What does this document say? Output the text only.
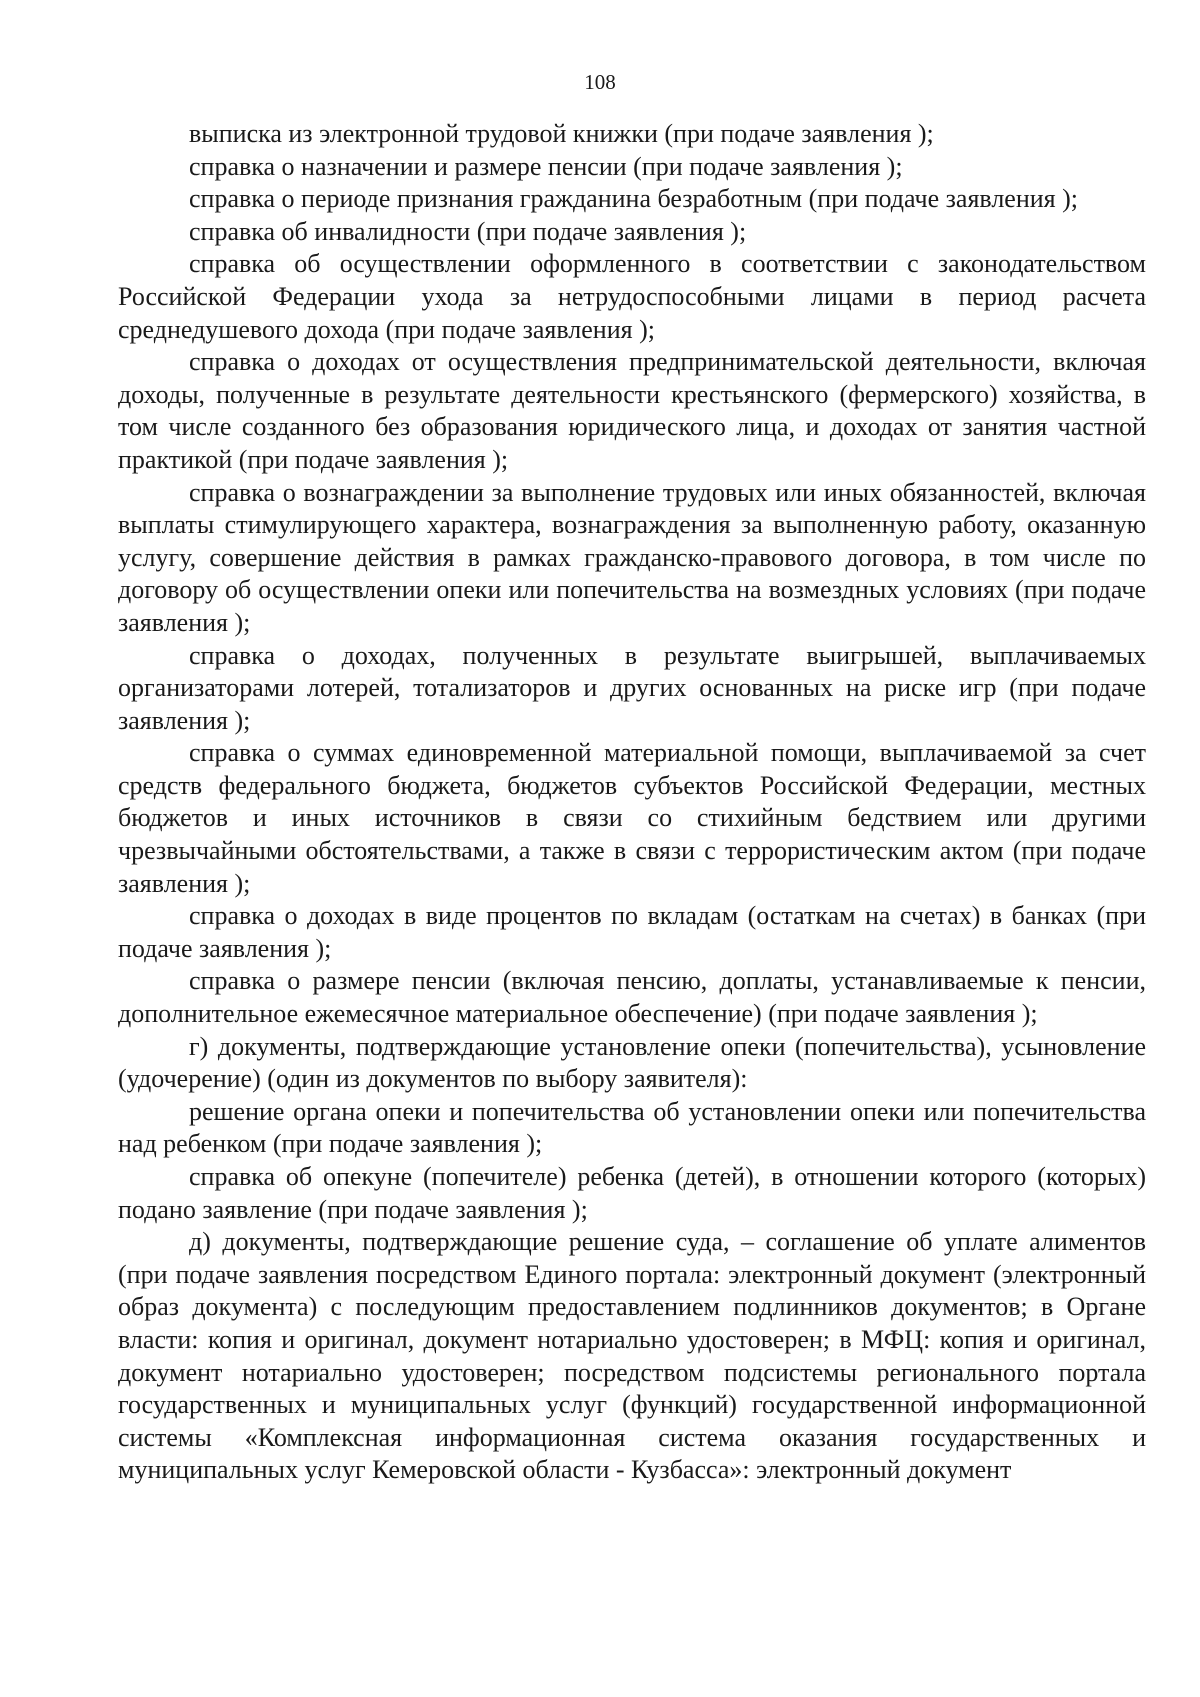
108

выписка из электронной трудовой книжки (при подаче заявления );

справка о назначении и размере пенсии (при подаче заявления );

справка о периоде признания гражданина безработным (при подаче заявления );

справка об инвалидности (при подаче заявления );

справка об осуществлении оформленного в соответствии с законодательством Российской Федерации ухода за нетрудоспособными лицами в период расчета среднедушевого дохода (при подаче заявления );

справка о доходах от осуществления предпринимательской деятельности, включая доходы, полученные в результате деятельности крестьянского (фермерского) хозяйства, в том числе созданного без образования юридического лица, и доходах от занятия частной практикой (при подаче заявления );

справка о вознаграждении за выполнение трудовых или иных обязанностей, включая выплаты стимулирующего характера, вознаграждения за выполненную работу, оказанную услугу, совершение действия в рамках гражданско-правового договора, в том числе по договору об осуществлении опеки или попечительства на возмездных условиях (при подаче заявления );

справка о доходах, полученных в результате выигрышей, выплачиваемых организаторами лотерей, тотализаторов и других основанных на риске игр (при подаче заявления );

справка о суммах единовременной материальной помощи, выплачиваемой за счет средств федерального бюджета, бюджетов субъектов Российской Федерации, местных бюджетов и иных источников в связи со стихийным бедствием или другими чрезвычайными обстоятельствами, а также в связи с террористическим актом (при подаче заявления );

справка о доходах в виде процентов по вкладам (остаткам на счетах) в банках (при подаче заявления );

справка о размере пенсии (включая пенсию, доплаты, устанавливаемые к пенсии, дополнительное ежемесячное материальное обеспечение) (при подаче заявления );

г) документы, подтверждающие установление опеки (попечительства), усыновление (удочерение) (один из документов по выбору заявителя):

решение органа опеки и попечительства об установлении опеки или попечительства над ребенком (при подаче заявления );

справка об опекуне (попечителе) ребенка (детей), в отношении которого (которых) подано заявление (при подаче заявления );

д) документы, подтверждающие решение суда, – соглашение об уплате алиментов (при подаче заявления посредством Единого портала: электронный документ (электронный образ документа) с последующим предоставлением подлинников документов; в Органе власти: копия и оригинал, документ нотариально удостоверен; в МФЦ: копия и оригинал, документ нотариально удостоверен; посредством подсистемы регионального портала государственных и муниципальных услуг (функций) государственной информационной системы «Комплексная информационная система оказания государственных и муниципальных услуг Кемеровской области - Кузбасса»: электронный документ
